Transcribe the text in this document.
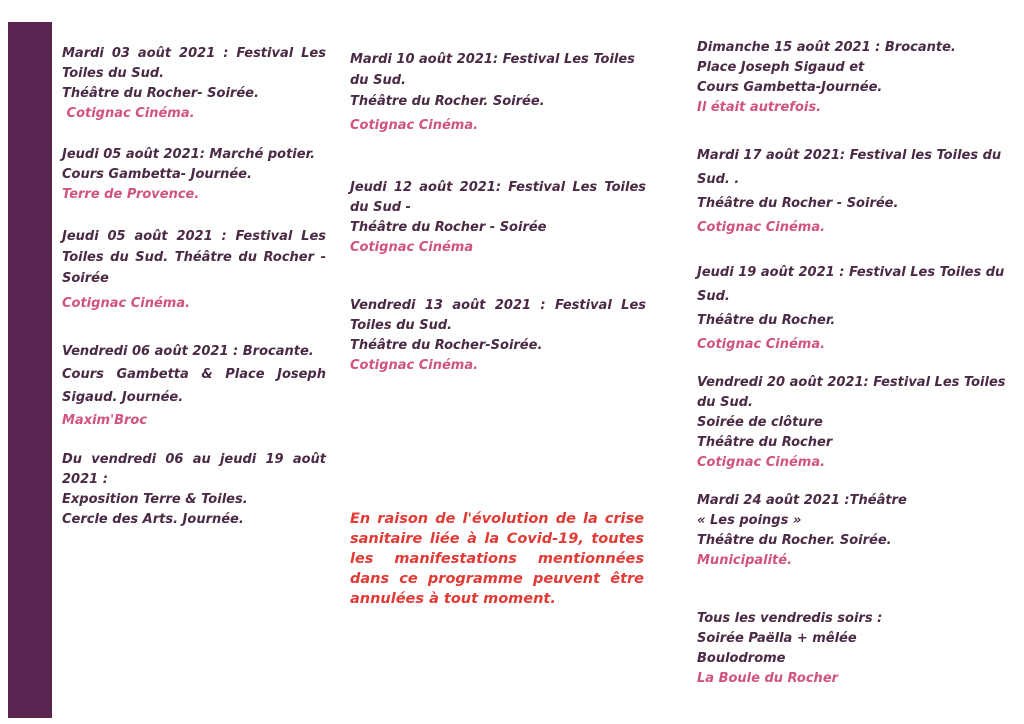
Mardi 03 août 2021 : Festival Les
Toiles du Sud.
Théâtre du Rocher- Soirée.
Cotignac Cinéma.
Jeudi 05 août 2021: Marché potier.
Cours Gambetta- Journée.
Terre de Provence.
Jeudi 05 août 2021 : Festival Les
Toiles du Sud. Théâtre du Rocher -
Soirée
Cotignac Cinéma.
Vendredi 06 août 2021 : Brocante.
Cours Gambetta & Place Joseph
Sigaud. Journée.
Maxim'Broc
Du vendredi 06 au jeudi 19 août
2021 :
Exposition Terre & Toiles.
Cercle des Arts. Journée.
Mardi 10 août 2021: Festival Les Toiles
du Sud.
Théâtre du Rocher. Soirée.
Cotignac Cinéma.
Jeudi 12 août 2021: Festival Les Toiles
du Sud -
Théâtre du Rocher - Soirée
Cotignac Cinéma
Vendredi 13 août 2021 : Festival Les
Toiles du Sud.
Théâtre du Rocher-Soirée.
Cotignac Cinéma.
En raison de l'évolution de la crise
sanitaire liée à la Covid-19, toutes
les manifestations mentionnées
dans ce programme peuvent être
annulées à tout moment.
Dimanche 15 août 2021 : Brocante.
Place Joseph Sigaud et
Cours Gambetta-Journée.
Il était autrefois.
Mardi 17 août 2021: Festival les Toiles du
Sud. .
Théâtre du Rocher - Soirée.
Cotignac Cinéma.
Jeudi 19 août 2021 : Festival Les Toiles du
Sud.
Théâtre du Rocher.
Cotignac Cinéma.
Vendredi 20 août 2021: Festival Les Toiles
du Sud.
Soirée de clôture
Théâtre du Rocher
Cotignac Cinéma.
Mardi 24 août 2021 :Théâtre
« Les poings »
Théâtre du Rocher. Soirée.
Municipalité.
Tous les vendredis soirs :
Soirée Paëlla + mêlée
Boulodrome
La Boule du Rocher
